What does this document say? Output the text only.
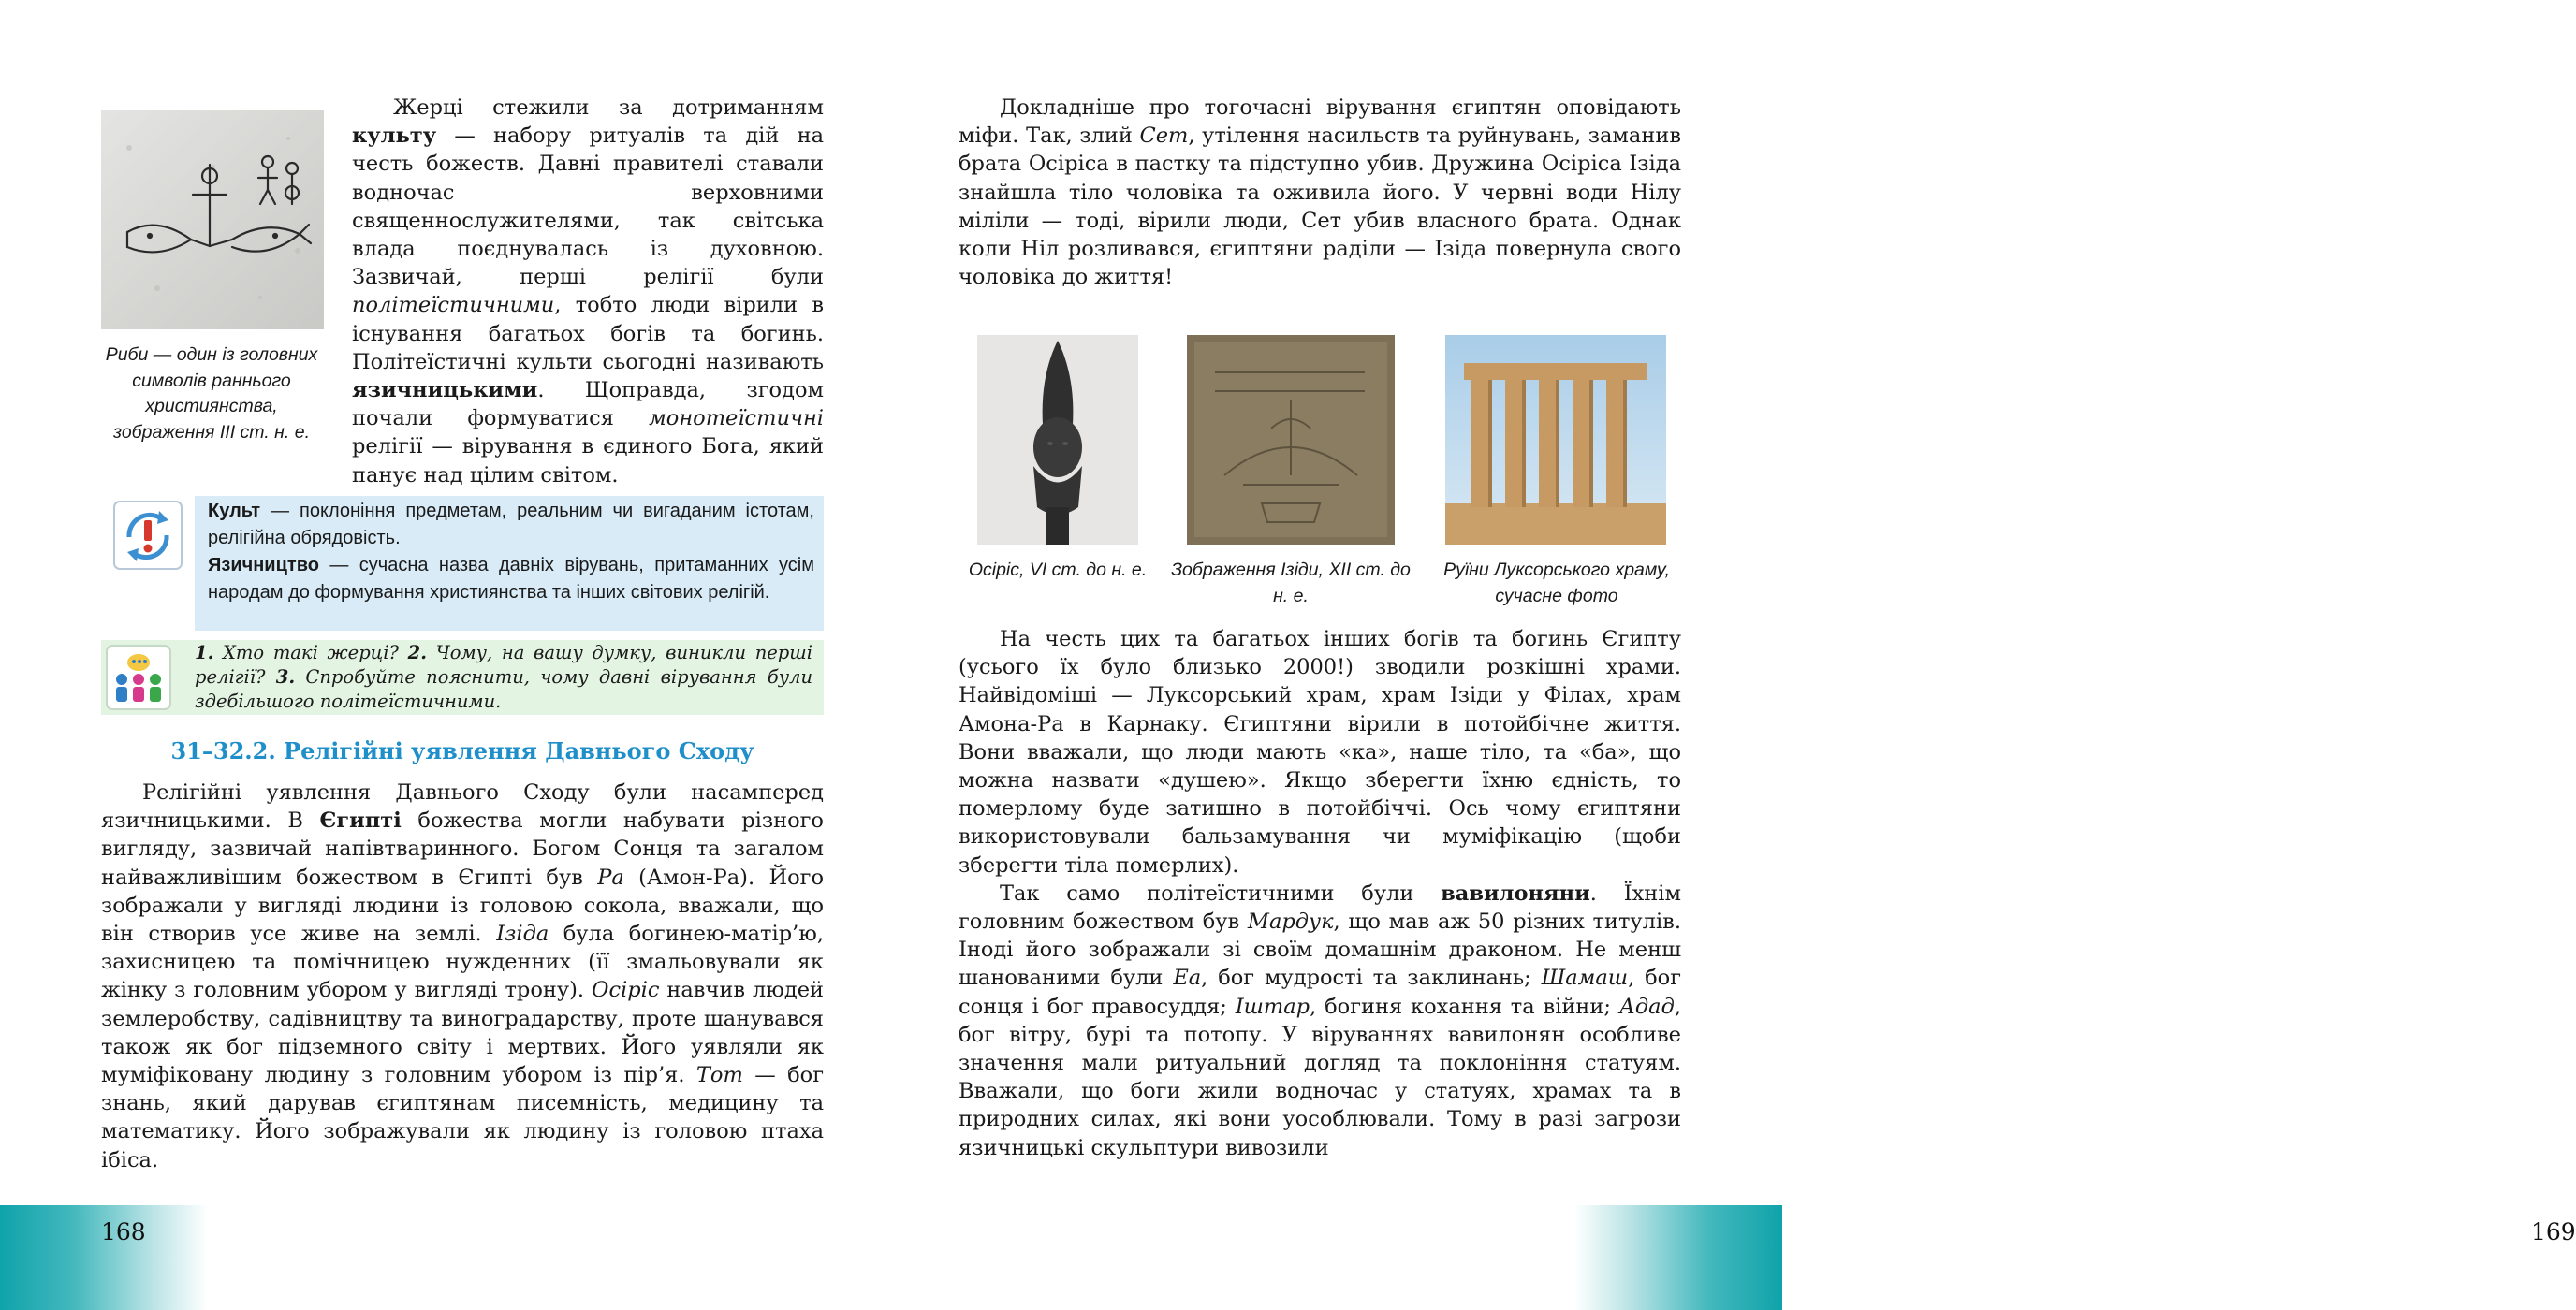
Риби — один із головних символів раннього християнства, зображення III ст. н. е.

Жерці стежили за дотриманням культу — набору ритуалів та дій на честь божеств. Давні правителі ставали водночас верховними священнослужителями, так світська влада поєднувалась із духовною. Зазвичай, перші релігії були політеїстичними, тобто люди вірили в існування багатьох богів та богинь. Політеїстичні культи сьогодні називають язичницькими. Щоправда, згодом почали формуватися монотеїстичні релігії — вірування в єдиного Бога, який панує над цілим світом.

Культ — поклоніння предметам, реальним чи вигаданим істотам, релігійна обрядовість.
Язичництво — сучасна назва давніх вірувань, притаманних усім народам до формування християнства та інших світових релігій.

1. Хто такі жерці? 2. Чому, на вашу думку, виникли перші релігії? 3. Спробуйте пояснити, чому давні вірування були здебільшого політеїстичними.

31–32.2. Релігійні уявлення Давнього Сходу

Релігійні уявлення Давнього Сходу були насамперед язичницькими. В Єгипті божества могли набувати різного вигляду, зазвичай напівтваринного. Богом Сонця та загалом найважливішим божеством в Єгипті був Ра (Амон-Ра). Його зображали у вигляді людини із головою сокола, вважали, що він створив усе живе на землі. Ізіда була богинею-матір’ю, захисницею та помічницею нужденних (її змальовували як жінку з головним убором у вигляді трону). Осіріс навчив людей землеробству, садівництву та виноградарству, проте шанувався також як бог підземного світу і мертвих. Його уявляли як муміфіковану людину з головним убором із пір’я. Тот — бог знань, який дарував єгиптянам писемність, медицину та математику. Його зображували як людину із головою птаха ібіса.

168

Докладніше про тогочасні вірування єгиптян оповідають міфи. Так, злий Сет, утілення насильств та руйнувань, заманив брата Осіріса в пастку та підступно убив. Дружина Осіріса Ізіда знайшла тіло чоловіка та оживила його. У червні води Нілу міліли — тоді, вірили люди, Сет убив власного брата. Однак коли Ніл розливався, єгиптяни раділи — Ізіда повернула свого чоловіка до життя!

Осіріс, VI ст. до н. е.	Зображення Ізіди, XII ст. до н. е.
Руїни Луксорського храму, сучасне фото

На честь цих та багатьох інших богів та богинь Єгипту (усього їх було близько 2000!) зводили розкішні храми. Найвідоміші — Луксорський храм, храм Ізіди у Філах, храм Амона-Ра в Карнаку. Єгиптяни вірили в потойбічне життя. Вони вважали, що люди мають «ка», наше тіло, та «ба», що можна назвати «душею». Якщо зберегти їхню єдність, то померлому буде затишно в потойбіччі. Ось чому єгиптяни використовували бальзамування чи муміфікацію (щоби зберегти тіла померлих).

Так само політеїстичними були вавилоняни. Їхнім головним божеством був Мардук, що мав аж 50 різних титулів. Іноді його зображали зі своїм домашнім драконом. Не менш шанованими були Еа, бог мудрості та заклинань; Шамаш, бог сонця і бог правосуддя; Іштар, богиня кохання та війни; Адад, бог вітру, бурі та потопу. У віруваннях вавилонян особливе значення мали ритуальний догляд та поклоніння статуям. Вважали, що боги жили водночас у статуях, храмах та в природних силах, які вони уособлювали. Тому в разі загрози язичницькі скульптури вивозили

169
